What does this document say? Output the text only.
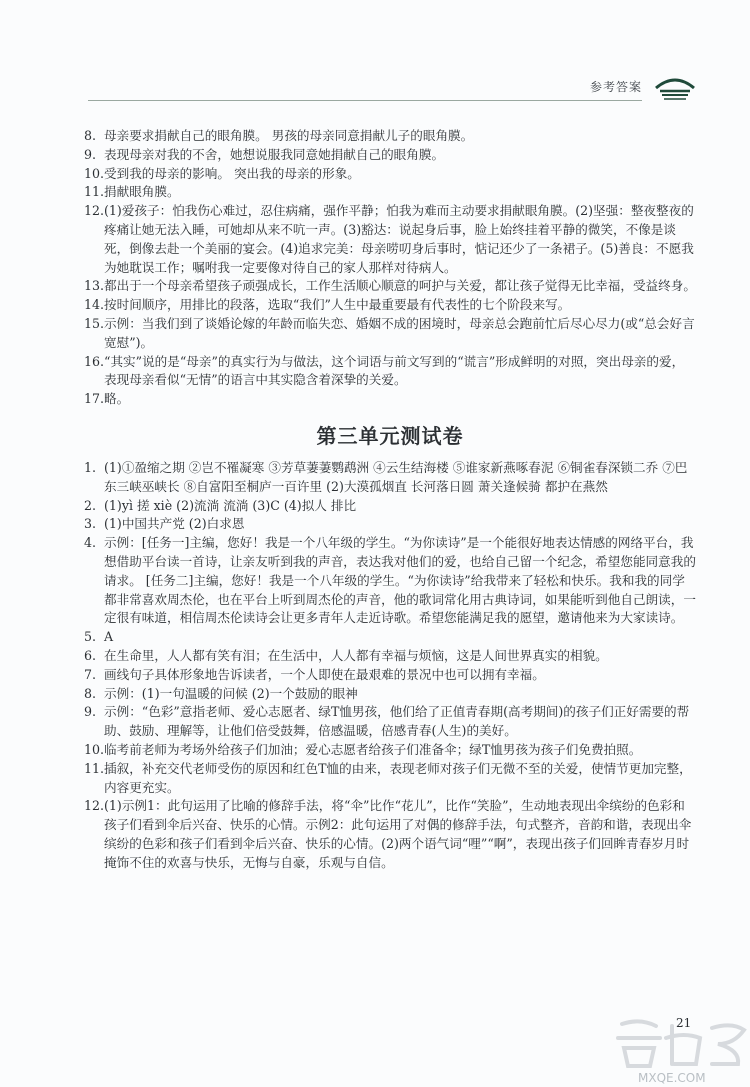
参考答案

8. 母亲要求捐献自己的眼角膜。 男孩的母亲同意捐献儿子的眼角膜。

9. 表现母亲对我的不舍，她想说服我同意她捐献自己的眼角膜。

10.受到我的母亲的影响。 突出我的母亲的形象。

11.捐献眼角膜。

12.(1)爱孩子：怕我伤心难过，忍住病痛，强作平静；怕我为难而主动要求捐献眼角膜。(2)坚强：整夜整夜的疼痛让她无法入睡，可她却从来不吭一声。(3)豁达：说起身后事，脸上始终挂着平静的微笑，不像是谈死，倒像去赴一个美丽的宴会。(4)追求完美：母亲唠叨身后事时，惦记还少了一条裙子。(5)善良：不愿我为她耽误工作；嘱咐我一定要像对待自己的家人那样对待病人。

13.都出于一个母亲希望孩子顽强成长，工作生活顺心顺意的呵护与关爱，都让孩子觉得无比幸福，受益终身。

14.按时间顺序，用排比的段落，选取“我们”人生中最重要最有代表性的七个阶段来写。

15.示例：当我们到了谈婚论嫁的年龄而临失恋、婚姻不成的困境时，母亲总会跑前忙后尽心尽力(或“总会好言宽慰”)。

16.“其实”说的是“母亲”的真实行为与做法，这个词语与前文写到的“谎言”形成鲜明的对照，突出母亲的爱，表现母亲看似“无情”的语言中其实隐含着深挚的关爱。

17.略。

第三单元测试卷

1. (1)①盈缩之期 ②岂不罹凝寒 ③芳草萋萋鹦鹉洲 ④云生结海楼 ⑤谁家新燕啄春泥 ⑥铜雀春深锁二乔 ⑦巴东三峡巫峡长 ⑧自富阳至桐庐一百许里 (2)大漠孤烟直 长河落日圆 萧关逢候骑 都护在燕然

2. (1)yì 搓 xiè (2)流淌 流淌 (3)C (4)拟人 排比

3. (1)中国共产党 (2)白求恩

4. 示例：[任务一]主编，您好！我是一个八年级的学生。“为你读诗”是一个能很好地表达情感的网络平台，我想借助平台读一首诗，让亲友听到我的声音，表达我对他们的爱，也给自己留一个纪念，希望您能同意我的请求。 [任务二]主编，您好！我是一个八年级的学生。“为你读诗”给我带来了轻松和快乐。我和我的同学都非常喜欢周杰伦，也在平台上听到周杰伦的声音，他的歌词常化用古典诗词，如果能听到他自己朗读，一定很有味道，相信周杰伦读诗会让更多青年人走近诗歌。希望您能满足我的愿望，邀请他来为大家读诗。

5. A

6. 在生命里，人人都有笑有泪；在生活中，人人都有幸福与烦恼，这是人间世界真实的相貌。

7. 画线句子具体形象地告诉读者，一个人即使在最艰难的景况中也可以拥有幸福。

8. 示例：(1)一句温暖的问候 (2)一个鼓励的眼神

9. 示例：“色彩”意指老师、爱心志愿者、绿T恤男孩，他们给了正值青春期(高考期间)的孩子们正好需要的帮助、鼓励、理解等，让他们倍受鼓舞，倍感温暖，倍感青春(人生)的美好。

10.临考前老师为考场外给孩子们加油；爱心志愿者给孩子们准备伞；绿T恤男孩为孩子们免费拍照。

11.插叙，补充交代老师受伤的原因和红色T恤的由来，表现老师对孩子们无微不至的关爱，使情节更加完整，内容更充实。

12.(1)示例1：此句运用了比喻的修辞手法，将“伞”比作“花儿”，比作“笑脸”，生动地表现出伞缤纷的色彩和孩子们看到伞后兴奋、快乐的心情。示例2：此句运用了对偶的修辞手法，句式整齐，音韵和谐，表现出伞缤纷的色彩和孩子们看到伞后兴奋、快乐的心情。(2)两个语气词“哩”“啊”，表现出孩子们回眸青春岁月时掩饰不住的欢喜与快乐，无悔与自豪，乐观与自信。

21
MXQE.COM
